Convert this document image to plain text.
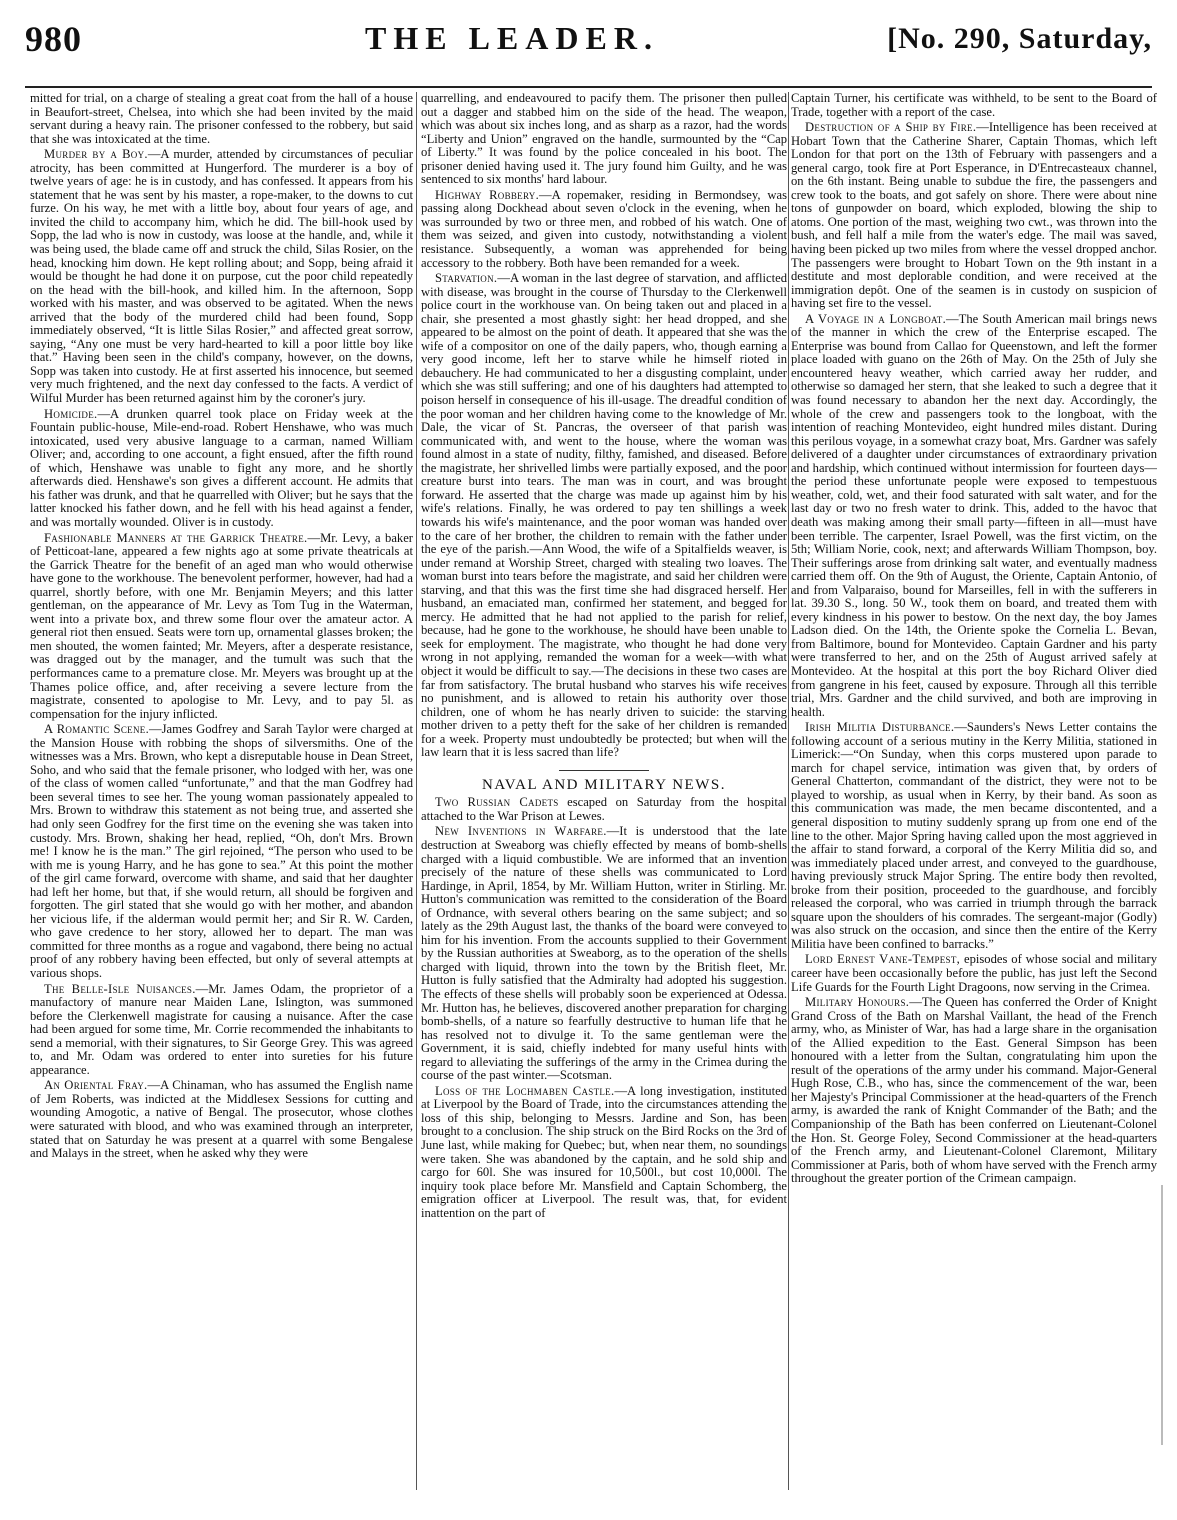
980	THE LEADER.	[No. 290, Saturday,

mitted for trial, on a charge of stealing a great coat from the hall of a house in Beaufort-street, Chelsea, into which she had been invited by the maid servant during a heavy rain. The prisoner confessed to the robbery, but said that she was intoxicated at the time.

Murder by a Boy.—A murder, attended by circumstances of peculiar atrocity, has been committed at Hungerford. The murderer is a boy of twelve years of age: he is in custody, and has confessed. It appears from his statement that he was sent by his master, a rope-maker, to the downs to cut furze. On his way, he met with a little boy, about four years of age, and invited the child to accompany him, which he did. The bill-hook used by Sopp, the lad who is now in custody, was loose at the handle, and, while it was being used, the blade came off and struck the child, Silas Rosier, on the head, knocking him down. He kept rolling about; and Sopp, being afraid it would be thought he had done it on purpose, cut the poor child repeatedly on the head with the bill-hook, and killed him. In the afternoon, Sopp worked with his master, and was observed to be agitated. When the news arrived that the body of the murdered child had been found, Sopp immediately observed, “It is little Silas Rosier,” and affected great sorrow, saying, “Any one must be very hard-hearted to kill a poor little boy like that.” Having been seen in the child's company, however, on the downs, Sopp was taken into custody. He at first asserted his innocence, but seemed very much frightened, and the next day confessed to the facts. A verdict of Wilful Murder has been returned against him by the coroner's jury.

Homicide.—A drunken quarrel took place on Friday week at the Fountain public-house, Mile-end-road. Robert Henshawe, who was much intoxicated, used very abusive language to a carman, named William Oliver; and, according to one account, a fight ensued, after the fifth round of which, Henshawe was unable to fight any more, and he shortly afterwards died. Henshawe's son gives a different account. He admits that his father was drunk, and that he quarrelled with Oliver; but he says that the latter knocked his father down, and he fell with his head against a fender, and was mortally wounded. Oliver is in custody.

Fashionable Manners at the Garrick Theatre.—Mr. Levy, a baker of Petticoat-lane, appeared a few nights ago at some private theatricals at the Garrick Theatre for the benefit of an aged man who would otherwise have gone to the workhouse. The benevolent performer, however, had had a quarrel, shortly before, with one Mr. Benjamin Meyers; and this latter gentleman, on the appearance of Mr. Levy as Tom Tug in the Waterman, went into a private box, and threw some flour over the amateur actor. A general riot then ensued. Seats were torn up, ornamental glasses broken; the men shouted, the women fainted; Mr. Meyers, after a desperate resistance, was dragged out by the manager, and the tumult was such that the performances came to a premature close. Mr. Meyers was brought up at the Thames police office, and, after receiving a severe lecture from the magistrate, consented to apologise to Mr. Levy, and to pay 5l. as compensation for the injury inflicted.

A Romantic Scene.—James Godfrey and Sarah Taylor were charged at the Mansion House with robbing the shops of silversmiths. One of the witnesses was a Mrs. Brown, who kept a disreputable house in Dean Street, Soho, and who said that the female prisoner, who lodged with her, was one of the class of women called “unfortunate,” and that the man Godfrey had been several times to see her. The young woman passionately appealed to Mrs. Brown to withdraw this statement as not being true, and asserted she had only seen Godfrey for the first time on the evening she was taken into custody. Mrs. Brown, shaking her head, replied, “Oh, don't Mrs. Brown me! I know he is the man.” The girl rejoined, “The person who used to be with me is young Harry, and he has gone to sea.” At this point the mother of the girl came forward, overcome with shame, and said that her daughter had left her home, but that, if she would return, all should be forgiven and forgotten. The girl stated that she would go with her mother, and abandon her vicious life, if the alderman would permit her; and Sir R. W. Carden, who gave credence to her story, allowed her to depart. The man was committed for three months as a rogue and vagabond, there being no actual proof of any robbery having been effected, but only of several attempts at various shops.

The Belle-Isle Nuisances.—Mr. James Odam, the proprietor of a manufactory of manure near Maiden Lane, Islington, was summoned before the Clerkenwell magistrate for causing a nuisance. After the case had been argued for some time, Mr. Corrie recommended the inhabitants to send a memorial, with their signatures, to Sir George Grey. This was agreed to, and Mr. Odam was ordered to enter into sureties for his future appearance.

An Oriental Fray.—A Chinaman, who has assumed the English name of Jem Roberts, was indicted at the Middlesex Sessions for cutting and wounding Amogotic, a native of Bengal. The prosecutor, whose clothes were saturated with blood, and who was examined through an interpreter, stated that on Saturday he was present at a quarrel with some Bengalese and Malays in the street, when he asked why they were

quarrelling, and endeavoured to pacify them. The prisoner then pulled out a dagger and stabbed him on the side of the head. The weapon, which was about six inches long, and as sharp as a razor, had the words “Liberty and Union” engraved on the handle, surmounted by the “Cap of Liberty.” It was found by the police concealed in his boot. The prisoner denied having used it. The jury found him Guilty, and he was sentenced to six months' hard labour.

Highway Robbery.—A ropemaker, residing in Bermondsey, was passing along Dockhead about seven o'clock in the evening, when he was surrounded by two or three men, and robbed of his watch. One of them was seized, and given into custody, notwithstanding a violent resistance. Subsequently, a woman was apprehended for being accessory to the robbery. Both have been remanded for a week.

Starvation.—A woman in the last degree of starvation, and afflicted with disease, was brought in the course of Thursday to the Clerkenwell police court in the workhouse van. On being taken out and placed in a chair, she presented a most ghastly sight: her head dropped, and she appeared to be almost on the point of death. It appeared that she was the wife of a compositor on one of the daily papers, who, though earning a very good income, left her to starve while he himself rioted in debauchery. He had communicated to her a disgusting complaint, under which she was still suffering; and one of his daughters had attempted to poison herself in consequence of his ill-usage. The dreadful condition of the poor woman and her children having come to the knowledge of Mr. Dale, the vicar of St. Pancras, the overseer of that parish was communicated with, and went to the house, where the woman was found almost in a state of nudity, filthy, famished, and diseased. Before the magistrate, her shrivelled limbs were partially exposed, and the poor creature burst into tears. The man was in court, and was brought forward. He asserted that the charge was made up against him by his wife's relations. Finally, he was ordered to pay ten shillings a week towards his wife's maintenance, and the poor woman was handed over to the care of her brother, the children to remain with the father under the eye of the parish.—Ann Wood, the wife of a Spitalfields weaver, is under remand at Worship Street, charged with stealing two loaves. The woman burst into tears before the magistrate, and said her children were starving, and that this was the first time she had disgraced herself. Her husband, an emaciated man, confirmed her statement, and begged for mercy. He admitted that he had not applied to the parish for relief, because, had he gone to the workhouse, he should have been unable to seek for employment. The magistrate, who thought he had done very wrong in not applying, remanded the woman for a week—with what object it would be difficult to say.—The decisions in these two cases are far from satisfactory. The brutal husband who starves his wife receives no punishment, and is allowed to retain his authority over those children, one of whom he has nearly driven to suicide: the starving mother driven to a petty theft for the sake of her children is remanded for a week. Property must undoubtedly be protected; but when will the law learn that it is less sacred than life?

NAVAL AND MILITARY NEWS.

Two Russian Cadets escaped on Saturday from the hospital attached to the War Prison at Lewes.

New Inventions in Warfare.—It is understood that the late destruction at Sweaborg was chiefly effected by means of bomb-shells charged with a liquid combustible. We are informed that an invention precisely of the nature of these shells was communicated to Lord Hardinge, in April, 1854, by Mr. William Hutton, writer in Stirling. Mr. Hutton's communication was remitted to the consideration of the Board of Ordnance, with several others bearing on the same subject; and so lately as the 29th August last, the thanks of the board were conveyed to him for his invention. From the accounts supplied to their Government by the Russian authorities at Sweaborg, as to the operation of the shells charged with liquid, thrown into the town by the British fleet, Mr. Hutton is fully satisfied that the Admiralty had adopted his suggestion. The effects of these shells will probably soon be experienced at Odessa. Mr. Hutton has, he believes, discovered another preparation for charging bomb-shells, of a nature so fearfully destructive to human life that he has resolved not to divulge it. To the same gentleman were the Government, it is said, chiefly indebted for many useful hints with regard to alleviating the sufferings of the army in the Crimea during the course of the past winter.—Scotsman.

Loss of the Lochmaben Castle.—A long investigation, instituted at Liverpool by the Board of Trade, into the circumstances attending the loss of this ship, belonging to Messrs. Jardine and Son, has been brought to a conclusion. The ship struck on the Bird Rocks on the 3rd of June last, while making for Quebec; but, when near them, no soundings were taken. She was abandoned by the captain, and he sold ship and cargo for 60l. She was insured for 10,500l., but cost 10,000l. The inquiry took place before Mr. Mansfield and Captain Schomberg, the emigration officer at Liverpool. The result was, that, for evident inattention on the part of

Captain Turner, his certificate was withheld, to be sent to the Board of Trade, together with a report of the case.

Destruction of a Ship by Fire.—Intelligence has been received at Hobart Town that the Catherine Sharer, Captain Thomas, which left London for that port on the 13th of February with passengers and a general cargo, took fire at Port Esperance, in D'Entrecasteaux channel, on the 6th instant. Being unable to subdue the fire, the passengers and crew took to the boats, and got safely on shore. There were about nine tons of gunpowder on board, which exploded, blowing the ship to atoms. One portion of the mast, weighing two cwt., was thrown into the bush, and fell half a mile from the water's edge. The mail was saved, having been picked up two miles from where the vessel dropped anchor. The passengers were brought to Hobart Town on the 9th instant in a destitute and most deplorable condition, and were received at the immigration depôt. One of the seamen is in custody on suspicion of having set fire to the vessel.

A Voyage in a Longboat.—The South American mail brings news of the manner in which the crew of the Enterprise escaped. The Enterprise was bound from Callao for Queenstown, and left the former place loaded with guano on the 26th of May. On the 25th of July she encountered heavy weather, which carried away her rudder, and otherwise so damaged her stern, that she leaked to such a degree that it was found necessary to abandon her the next day. Accordingly, the whole of the crew and passengers took to the longboat, with the intention of reaching Montevideo, eight hundred miles distant. During this perilous voyage, in a somewhat crazy boat, Mrs. Gardner was safely delivered of a daughter under circumstances of extraordinary privation and hardship, which continued without intermission for fourteen days—the period these unfortunate people were exposed to tempestuous weather, cold, wet, and their food saturated with salt water, and for the last day or two no fresh water to drink. This, added to the havoc that death was making among their small party—fifteen in all—must have been terrible. The carpenter, Israel Powell, was the first victim, on the 5th; William Norie, cook, next; and afterwards William Thompson, boy. Their sufferings arose from drinking salt water, and eventually madness carried them off. On the 9th of August, the Oriente, Captain Antonio, of and from Valparaiso, bound for Marseilles, fell in with the sufferers in lat. 39.30 S., long. 50 W., took them on board, and treated them with every kindness in his power to bestow. On the next day, the boy James Ladson died. On the 14th, the Oriente spoke the Cornelia L. Bevan, from Baltimore, bound for Montevideo. Captain Gardner and his party were transferred to her, and on the 25th of August arrived safely at Montevideo. At the hospital at this port the boy Richard Oliver died from gangrene in his feet, caused by exposure. Through all this terrible trial, Mrs. Gardner and the child survived, and both are improving in health.

Irish Militia Disturbance.—Saunders's News Letter contains the following account of a serious mutiny in the Kerry Militia, stationed in Limerick:—“On Sunday, when this corps mustered upon parade to march for chapel service, intimation was given that, by orders of General Chatterton, commandant of the district, they were not to be played to worship, as usual when in Kerry, by their band. As soon as this communication was made, the men became discontented, and a general disposition to mutiny suddenly sprang up from one end of the line to the other. Major Spring having called upon the most aggrieved in the affair to stand forward, a corporal of the Kerry Militia did so, and was immediately placed under arrest, and conveyed to the guardhouse, having previously struck Major Spring. The entire body then revolted, broke from their position, proceeded to the guardhouse, and forcibly released the corporal, who was carried in triumph through the barrack square upon the shoulders of his comrades. The sergeant-major (Godly) was also struck on the occasion, and since then the entire of the Kerry Militia have been confined to barracks.”

Lord Ernest Vane-Tempest, episodes of whose social and military career have been occasionally before the public, has just left the Second Life Guards for the Fourth Light Dragoons, now serving in the Crimea.

Military Honours.—The Queen has conferred the Order of Knight Grand Cross of the Bath on Marshal Vaillant, the head of the French army, who, as Minister of War, has had a large share in the organisation of the Allied expedition to the East. General Simpson has been honoured with a letter from the Sultan, congratulating him upon the result of the operations of the army under his command. Major-General Hugh Rose, C.B., who has, since the commencement of the war, been her Majesty's Principal Commissioner at the head-quarters of the French army, is awarded the rank of Knight Commander of the Bath; and the Companionship of the Bath has been conferred on Lieutenant-Colonel the Hon. St. George Foley, Second Commissioner at the head-quarters of the French army, and Lieutenant-Colonel Claremont, Military Commissioner at Paris, both of whom have served with the French army throughout the greater portion of the Crimean campaign.
